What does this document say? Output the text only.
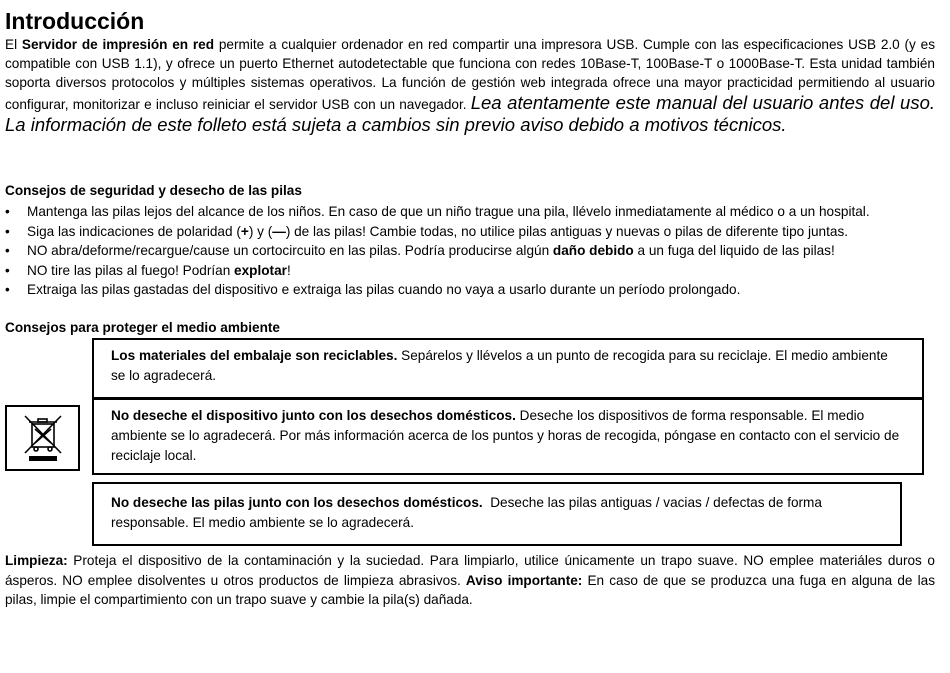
Introducción

El Servidor de impresión en red permite a cualquier ordenador en red compartir una impresora USB. Cumple con las especificaciones USB 2.0 (y es compatible con USB 1.1), y ofrece un puerto Ethernet autodetectable que funciona con redes 10Base-T, 100Base-T o 1000Base-T. Esta unidad también soporta diversos protocolos y múltiples sistemas operativos. La función de gestión web integrada ofrece una mayor practicidad permitiendo al usuario configurar, monitorizar e incluso reiniciar el servidor USB con un navegador. Lea atentamente este manual del usuario antes del uso. La información de este folleto está sujeta a cambios sin previo aviso debido a motivos técnicos.

Consejos de seguridad y desecho de las pilas
• Mantenga las pilas lejos del alcance de los niños. En caso de que un niño trague una pila, llévelo inmediatamente al médico o a un hospital.
• Siga las indicaciones de polaridad (+) y (—) de las pilas! Cambie todas, no utilice pilas antiguas y nuevas o pilas de diferente tipo juntas.
• NO abra/deforme/recargue/cause un cortocircuito en las pilas. Podría producirse algún daño debido a un fuga del liquido de las pilas!
• NO tire las pilas al fuego! Podrían explotar!
• Extraiga las pilas gastadas del dispositivo e extraiga las pilas cuando no vaya a usarlo durante un período prolongado.
Consejos para proteger el medio ambiente
Los materiales del embalaje son reciclables. Sepárelos y llévelos a un punto de recogida para su reciclaje. El medio ambiente se lo agradecerá.
No deseche el dispositivo junto con los desechos domésticos. Deseche los dispositivos de forma responsable. El medio ambiente se lo agradecerá. Por más información acerca de los puntos y horas de recogida, póngase en contacto con el servicio de reciclaje local.
No deseche las pilas junto con los desechos domésticos.  Deseche las pilas antiguas / vacias / defectas de forma responsable. El medio ambiente se lo agradecerá.
Limpieza: Proteja el dispositivo de la contaminación y la suciedad. Para limpiarlo, utilice únicamente un trapo suave. NO emplee materiáles duros o ásperos. NO emplee disolventes u otros productos de limpieza abrasivos. Aviso importante: En caso de que se produzca una fuga en alguna de las pilas, limpie el compartimiento con un trapo suave y cambie la pila(s) dañada.
